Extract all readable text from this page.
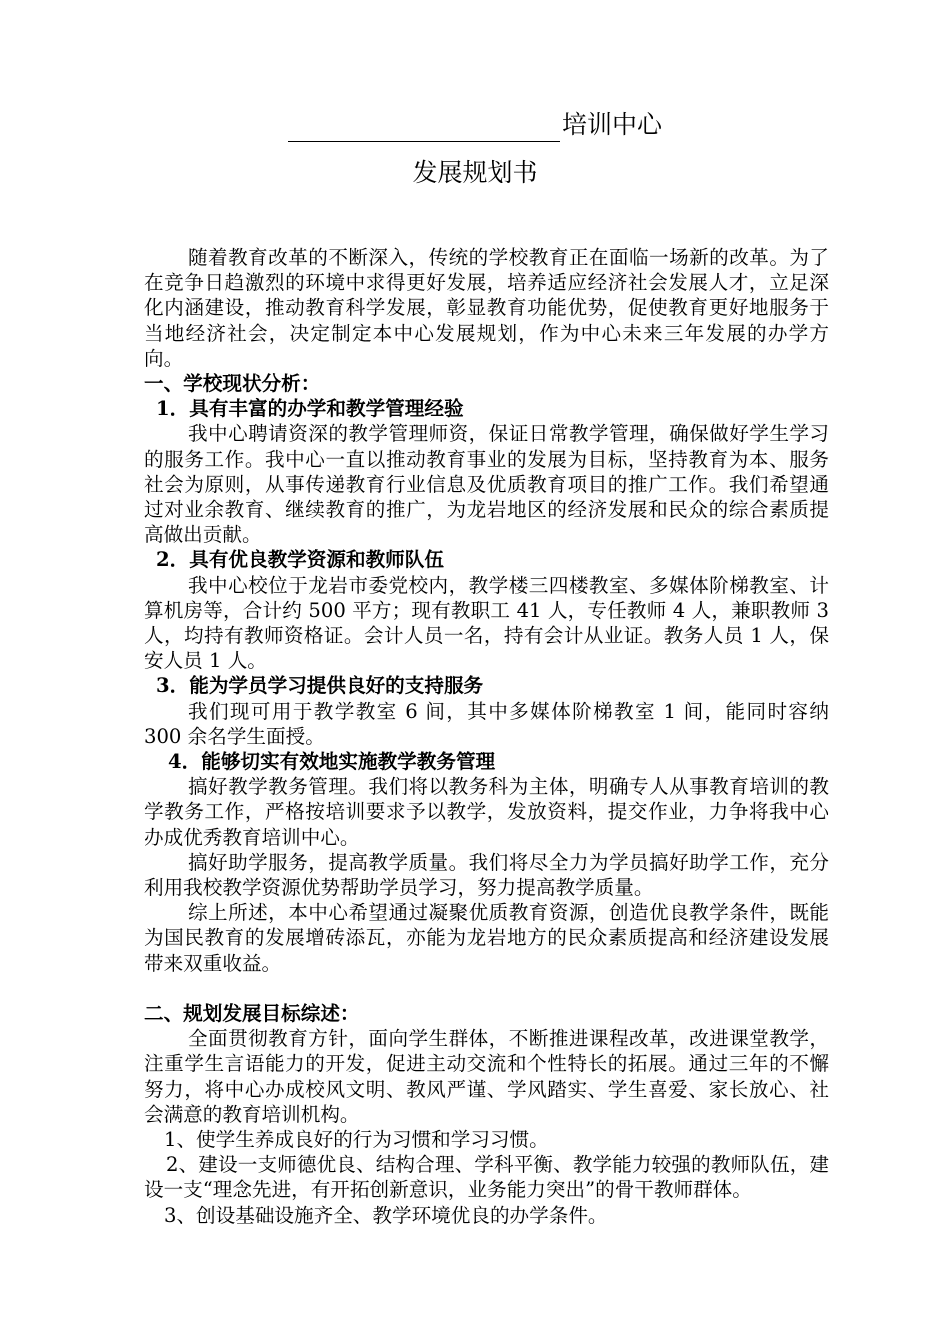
培训中心
发展规划书

随着教育改革的不断深入，传统的学校教育正在面临一场新的改革。为了在竞争日趋激烈的环境中求得更好发展，培养适应经济社会发展人才，立足深化内涵建设，推动教育科学发展，彰显教育功能优势，促使教育更好地服务于当地经济社会，决定制定本中心发展规划，作为中心未来三年发展的办学方向。

一、学校现状分析：

1．具有丰富的办学和教学管理经验

我中心聘请资深的教学管理师资，保证日常教学管理，确保做好学生学习的服务工作。我中心一直以推动教育事业的发展为目标，坚持教育为本、服务社会为原则，从事传递教育行业信息及优质教育项目的推广工作。我们希望通过对业余教育、继续教育的推广，为龙岩地区的经济发展和民众的综合素质提高做出贡献。

2．具有优良教学资源和教师队伍

我中心校位于龙岩市委党校内，教学楼三四楼教室、多媒体阶梯教室、计算机房等，合计约 500 平方；现有教职工 41 人，专任教师 4 人，兼职教师 3 人，均持有教师资格证。会计人员一名，持有会计从业证。教务人员 1 人，保安人员 1 人。

3．能为学员学习提供良好的支持服务

我们现可用于教学教室 6 间，其中多媒体阶梯教室 1 间，能同时容纳 300 余名学生面授。

4．能够切实有效地实施教学教务管理

搞好教学教务管理。我们将以教务科为主体，明确专人从事教育培训的教学教务工作，严格按培训要求予以教学，发放资料，提交作业，力争将我中心办成优秀教育培训中心。

搞好助学服务，提高教学质量。我们将尽全力为学员搞好助学工作，充分利用我校教学资源优势帮助学员学习，努力提高教学质量。

综上所述，本中心希望通过凝聚优质教育资源，创造优良教学条件，既能为国民教育的发展增砖添瓦，亦能为龙岩地方的民众素质提高和经济建设发展带来双重收益。

二、规划发展目标综述：

全面贯彻教育方针，面向学生群体，不断推进课程改革，改进课堂教学，注重学生言语能力的开发，促进主动交流和个性特长的拓展。通过三年的不懈努力，将中心办成校风文明、教风严谨、学风踏实、学生喜爱、家长放心、社会满意的教育培训机构。

1、使学生养成良好的行为习惯和学习习惯。

2、建设一支师德优良、结构合理、学科平衡、教学能力较强的教师队伍，建设一支“理念先进，有开拓创新意识，业务能力突出”的骨干教师群体。

3、创设基础设施齐全、教学环境优良的办学条件。
